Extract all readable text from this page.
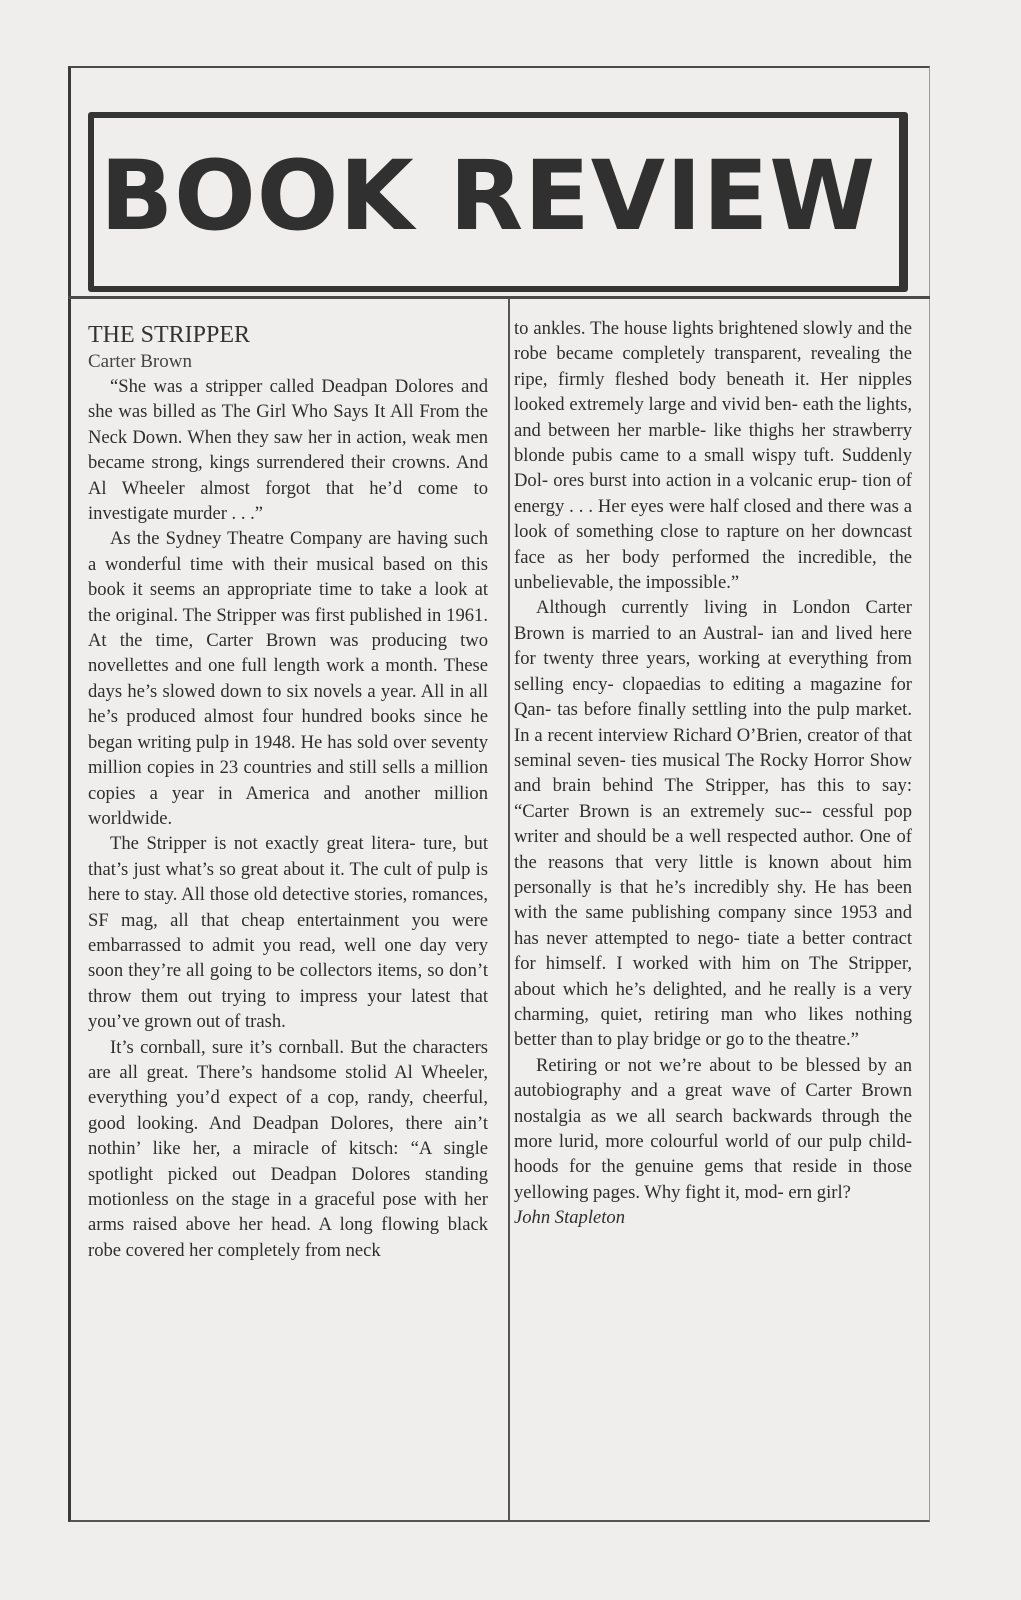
BOOK REVIEW

THE STRIPPER

Carter Brown

“She was a stripper called Deadpan Dolores and she was billed as The Girl Who Says It All From the Neck Down. When they saw her in action, weak men became strong, kings surrendered their crowns. And Al Wheeler almost forgot that he’d come to investigate murder . . .”

As the Sydney Theatre Company are having such a wonderful time with their musical based on this book it seems an appropriate time to take a look at the original. The Stripper was first published in 1961. At the time, Carter Brown was producing two novellettes and one full length work a month. These days he’s slowed down to six novels a year. All in all he’s produced almost four hundred books since he began writing pulp in 1948. He has sold over seventy million copies in 23 countries and still sells a million copies a year in America and another million worldwide.

The Stripper is not exactly great litera- ture, but that’s just what’s so great about it. The cult of pulp is here to stay. All those old detective stories, romances, SF mag, all that cheap entertainment you were embarrassed to admit you read, well one day very soon they’re all going to be collectors items, so don’t throw them out trying to impress your latest that you’ve grown out of trash.

It’s cornball, sure it’s cornball. But the characters are all great. There’s handsome stolid Al Wheeler, everything you’d expect of a cop, randy, cheerful, good looking. And Deadpan Dolores, there ain’t nothin’ like her, a miracle of kitsch: “A single spotlight picked out Deadpan Dolores standing motionless on the stage in a graceful pose with her arms raised above her head. A long flowing black robe covered her completely from neck

to ankles. The house lights brightened slowly and the robe became completely transparent, revealing the ripe, firmly fleshed body beneath it. Her nipples looked extremely large and vivid ben- eath the lights, and between her marble- like thighs her strawberry blonde pubis came to a small wispy tuft. Suddenly Dol- ores burst into action in a volcanic erup- tion of energy . . . Her eyes were half closed and there was a look of something close to rapture on her downcast face as her body performed the incredible, the unbelievable, the impossible.”

Although currently living in London Carter Brown is married to an Austral- ian and lived here for twenty three years, working at everything from selling ency- clopaedias to editing a magazine for Qan- tas before finally settling into the pulp market. In a recent interview Richard O’Brien, creator of that seminal seven- ties musical The Rocky Horror Show and brain behind The Stripper, has this to say: “Carter Brown is an extremely suc-- cessful pop writer and should be a well respected author. One of the reasons that very little is known about him personally is that he’s incredibly shy. He has been with the same publishing company since 1953 and has never attempted to nego- tiate a better contract for himself. I worked with him on The Stripper, about which he’s delighted, and he really is a very charming, quiet, retiring man who likes nothing better than to play bridge or go to the theatre.”

Retiring or not we’re about to be blessed by an autobiography and a great wave of Carter Brown nostalgia as we all search backwards through the more lurid, more colourful world of our pulp child- hoods for the genuine gems that reside in those yellowing pages. Why fight it, mod- ern girl?

John Stapleton
